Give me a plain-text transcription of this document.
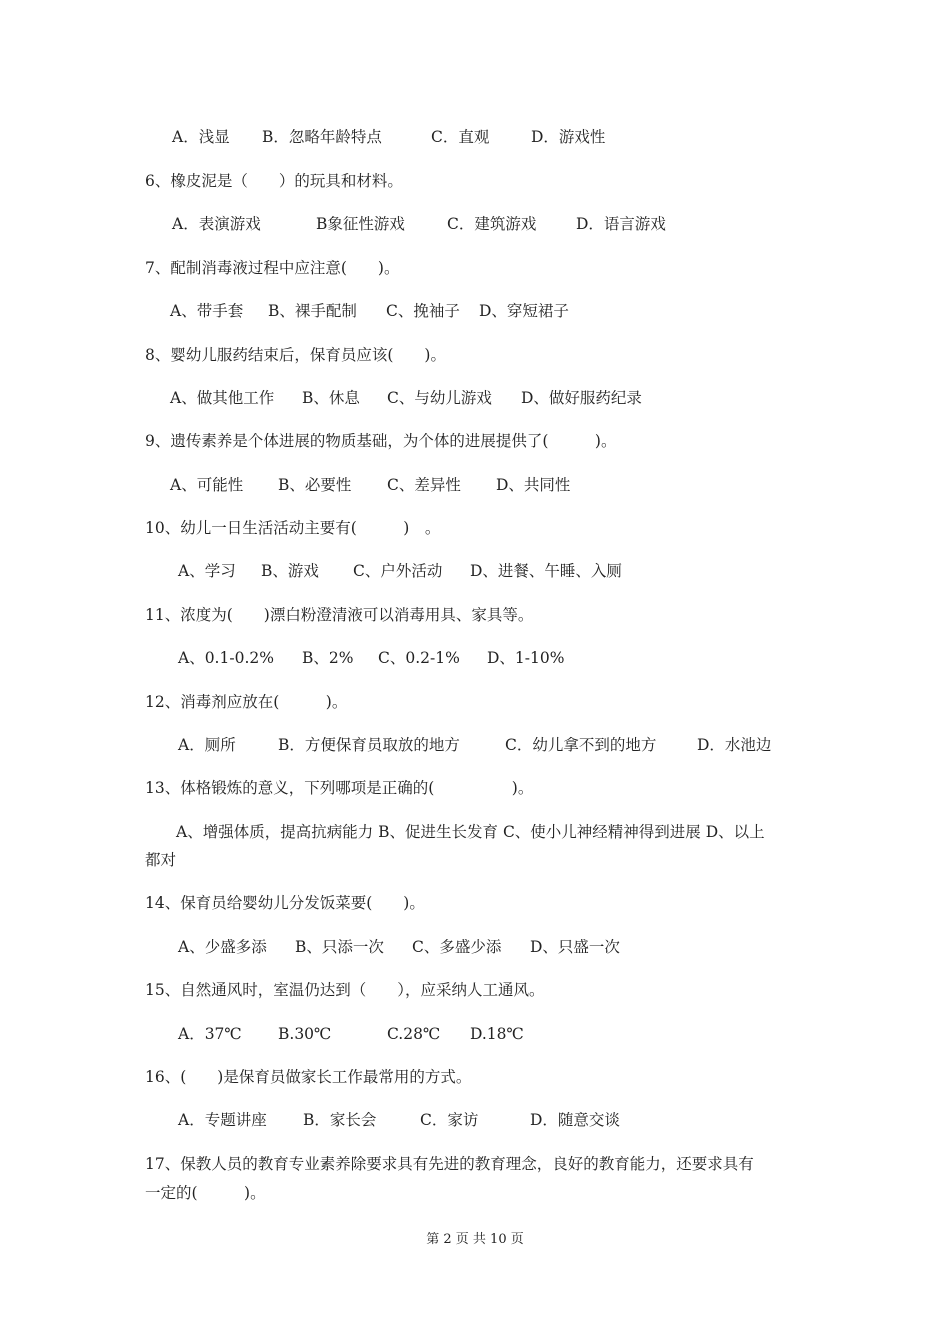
A．浅显

B．忽略年龄特点

	C．直观

	D．游戏性

6、橡皮泥是（　　）的玩具和材料。

A．表演游戏

	B象征性游戏

	C．建筑游戏

	D．语言游戏

7、配制消毒液过程中应注意(　　)。

A、带手套

B、裸手配制

C、挽袖子

D、穿短裙子

8、婴幼儿服药结束后，保育员应该(　　)。

A、做其他工作

B、休息

C、与幼儿游戏

D、做好服药纪录

9、遗传素养是个体进展的物质基础，为个体的进展提供了(　　　)。

A、可能性

B、必要性

C、差异性

D、共同性

10、幼儿一日生活活动主要有(　　　)　。

A、学习

B、游戏

C、户外活动

D、进餐、午睡、入厕

11、浓度为(　　)漂白粉澄清液可以消毒用具、家具等。

A、0.1-0.2%

B、2%

C、0.2-1%

D、1-10%

12、消毒剂应放在(　　　)。

A．厕所

	B．方便保育员取放的地方

	C．幼儿拿不到的地方

	D．水池边

13、体格锻炼的意义，下列哪项是正确的(　　　　　)。
A、增强体质，提高抗病能力 B、促进生长发育 C、使小儿神经精神得到进展 D、以上
都对
14、保育员给婴幼儿分发饭菜要(　　)。

A、少盛多添

B、只添一次

C、多盛少添

D、只盛一次

15、自然通风时，室温仍达到（　　），应采纳人工通风。

A．37℃

B.30℃

	C.28℃

D.18℃

16、(　　)是保育员做家长工作最常用的方式。

A．专题讲座

B．家长会

	C．家访

	D．随意交谈

17、保教人员的教育专业素养除要求具有先进的教育理念，良好的教育能力，还要求具有
一定的(　　　)。
第 2 页 共 10 页
